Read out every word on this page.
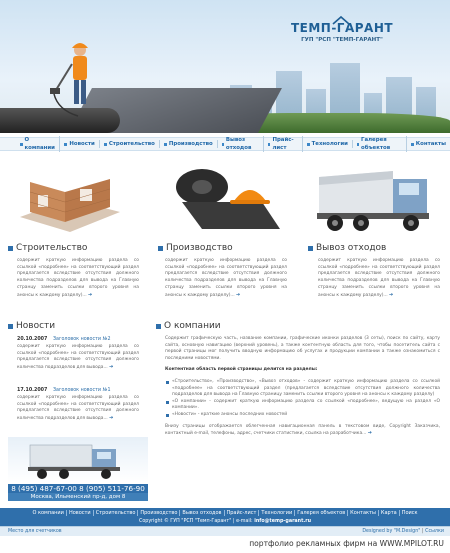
ТЕМП-ГАРАНТ
ГУП "РСП "ТЕМП-ГАРАНТ"
О компании
Новости	Строительство	Производство
Вывоз отходов
Прайс-лист
Технологии
Галерея объектов
Контакты
Строительство
содержит краткую информацию раздела со ссылкой «подробнее» на соответствующий раздел предлагается вследствие отсутствия должного количества подразделов для вывода на Главную странцу заменить ссылки второго уровня на анонсы к каждому разделу)... ➔
Производство
содержит краткую информацию раздела со ссылкой «подробнее» на соответствующий раздел предлагается вследствие отсутствия должного количества подразделов для вывода на Главную странцу заменить ссылки второго уровня на анонсы к каждому разделу)... ➔
Вывоз отходов
содержит краткую информацию раздела со ссылкой «подробнее» на соответствующий раздел предлагается вследствие отсутствия должного количества подразделов для вывода на Главную странцу заменить ссылки второго уровня на анонсы к каждому разделу)... ➔
Новости
20.10.2007 Заголовок новости №2
содержит краткую информацию раздела со ссылкой «подробнее» на соответствующий раздел предлагается вследствие отсутствия должного количества подразделов для вывода... ➔
17.10.2007 Заголовок новости №1
содержит краткую информацию раздела со ссылкой «подробнее» на соответствующий раздел предлагается вследствие отсутствия должного количества подразделов для вывода... ➔
О компании

Содержит графическую часть, название компании, графические иконки разделов (3 сеты), поиск по сайту, карту сайта, основную навигацию (верхний уровень), а также контентную область для того, чтобы посетитель сайта с первой страницы мог получить вводную информацию об услугах и продукции компании а также ознакомиться с последними новостями.

Контентная область первой страницы делится на разделы:

«Строительство», «Производство», «Вывоз отходов» - содержит краткую информацию раздела со ссылкой «подробнее» на соответствующий раздел (предлагается вследствие отсутствия должного количества подразделов для вывода на Главную страницу заменить ссылки второго уровня на анонсы к каждому разделу)
«О компании» - содержит краткую информацию раздела со ссылкой «подробнее», ведущую на раздел «О компании».
«Новости» - краткие анонсы последних новостей

Внизу страницы отображается облегченная навигационная панель в текстовом виде, Copyright Заказчика, контактный e-mail, телефоны, адрес, счетчики статистики, ссылка на разработчика... ➔

8 (495) 487-67-00 8 (905) 511-76-90
Москва, Ильменский пр-д, дом 8
О компании	Новости	Строительство	Производство	Вывоз отходов	Прайс-лист	Технологии	Галерея объектов	Контакты	Карта	Поиск
Copyright © ГУП "РСП "Темп-Гарант" | e-mail: info@temp-garant.ru
Место для счетчиков	Designed by "M.Design" | Ссылки
портфолио рекламных фирм на WWW.MPILOT.RU
